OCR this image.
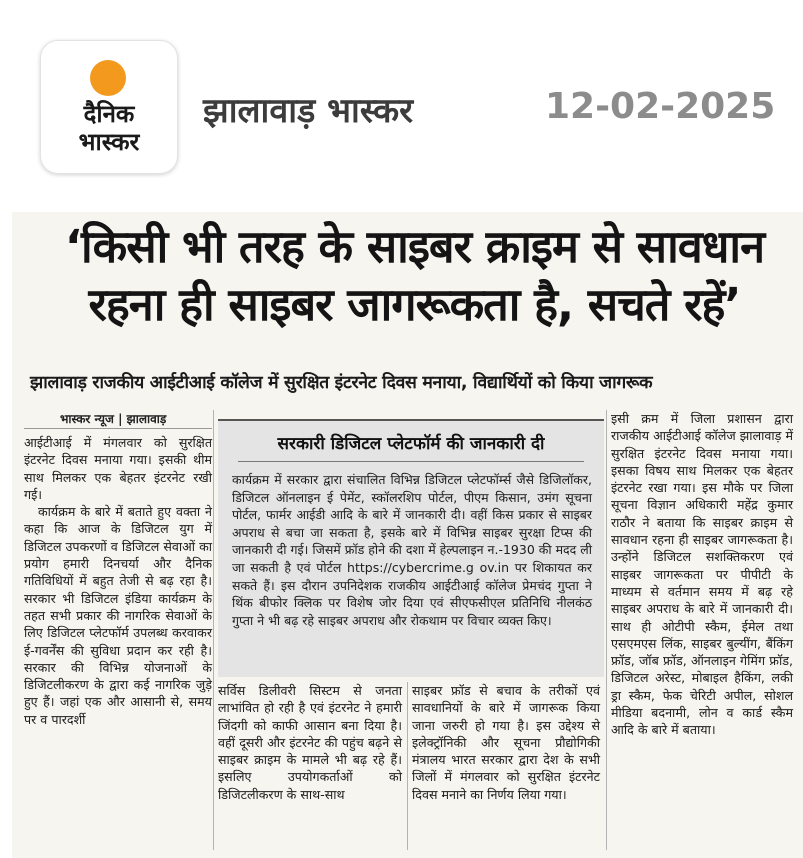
दैनिक
भास्कर
झालावाड़ भास्कर	12-02-2025
‘किसी भी तरह के साइबर क्राइम से सावधान
रहना ही साइबर जागरूकता है, सचते रहें’
झालावाड़ राजकीय आईटीआई कॉलेज में सुरक्षित इंटरनेट दिवस मनाया, विद्यार्थियों को किया जागरूक
भास्कर न्यूज | झालावाड़

आईटीआई में मंगलवार को सुरक्षित इंटरनेट दिवस मनाया गया। इसकी थीम साथ मिलकर एक बेहतर इंटरनेट रखी गई।

कार्यक्रम के बारे में बताते हुए वक्ता ने कहा कि आज के डिजिटल युग में डिजिटल उपकरणों व डिजिटल सेवाओं का प्रयोग हमारी दिनचर्या और दैनिक गतिविधियों में बहुत तेजी से बढ़ रहा है। सरकार भी डिजिटल इंडिया कार्यक्रम के तहत सभी प्रकार की नागरिक सेवाओं के लिए डिजिटल प्लेटफॉर्म उपलब्ध करवाकर ई-गवर्नेंस की सुविधा प्रदान कर रही है। सरकार की विभिन्न योजनाओं के डिजिटलीकरण के द्वारा कई नागरिक जुड़े हुए हैं। जहां एक और आसानी से, समय पर व पारदर्शी

सरकारी डिजिटल प्लेटफॉर्म की जानकारी दी
कार्यक्रम में सरकार द्वारा संचालित विभिन्न डिजिटल प्लेटफॉर्म्स जैसे डिजिलॉकर, डिजिटल ऑनलाइन ई पेमेंट, स्कॉलरशिप पोर्टल, पीएम किसान, उमंग सूचना पोर्टल, फार्मर आईडी आदि के बारे में जानकारी दी। वहीं किस प्रकार से साइबर अपराध से बचा जा सकता है, इसके बारे में विभिन्न साइबर सुरक्षा टिप्स की जानकारी दी गई। जिसमें फ्रॉड होने की दशा में हेल्पलाइन न.-1930 की मदद ली जा सकती है एवं पोर्टल https://cybercrime.g ov.in पर शिकायत कर सकते हैं। इस दौरान उपनिदेशक राजकीय आईटीआई कॉलेज प्रेमचंद गुप्ता ने थिंक बीफोर क्लिक पर विशेष जोर दिया एवं सीएफसीएल प्रतिनिधि नीलकंठ गुप्ता ने भी बढ़ रहे साइबर अपराध और रोकथाम पर विचार व्यक्त किए।

सर्विस डिलीवरी सिस्टम से जनता लाभांवित हो रही है एवं इंटरनेट ने हमारी जिंदगी को काफी आसान बना दिया है। वहीं दूसरी और इंटरनेट की पहुंच बढ़ने से साइबर क्राइम के मामले भी बढ़ रहे हैं। इसलिए उपयोगकर्ताओं को डिजिटलीकरण के साथ-साथ

साइबर फ्रॉड से बचाव के तरीकों एवं सावधानियों के बारे में जागरूक किया जाना जरुरी हो गया है। इस उद्देश्य से इलेक्ट्रॉनिकी और सूचना प्रौद्योगिकी मंत्रालय भारत सरकार द्वारा देश के सभी जिलों में मंगलवार को सुरक्षित इंटरनेट दिवस मनाने का निर्णय लिया गया।

इसी क्रम में जिला प्रशासन द्वारा राजकीय आईटीआई कॉलेज झालावाड़ में सुरक्षित इंटरनेट दिवस मनाया गया। इसका विषय साथ मिलकर एक बेहतर इंटरनेट रखा गया। इस मौके पर जिला सूचना विज्ञान अधिकारी महेंद्र कुमार राठौर ने बताया कि साइबर क्राइम से सावधान रहना ही साइबर जागरूकता है। उन्होंने डिजिटल सशक्तिकरण एवं साइबर जागरूकता पर पीपीटी के माध्यम से वर्तमान समय में बढ़ रहे साइबर अपराध के बारे में जानकारी दी। साथ ही ओटीपी स्कैम, ईमेल तथा एसएमएस लिंक, साइबर बुल्यींग, बैंकिंग फ्रॉड, जॉब फ्रॉड, ऑनलाइन गेमिंग फ्रॉड, डिजिटल अरेस्ट, मोबाइल हैकिंग, लकी ड्रा स्कैम, फेक चेरिटी अपील, सोशल मीडिया बदनामी, लोन व कार्ड स्कैम आदि के बारे में बताया।
